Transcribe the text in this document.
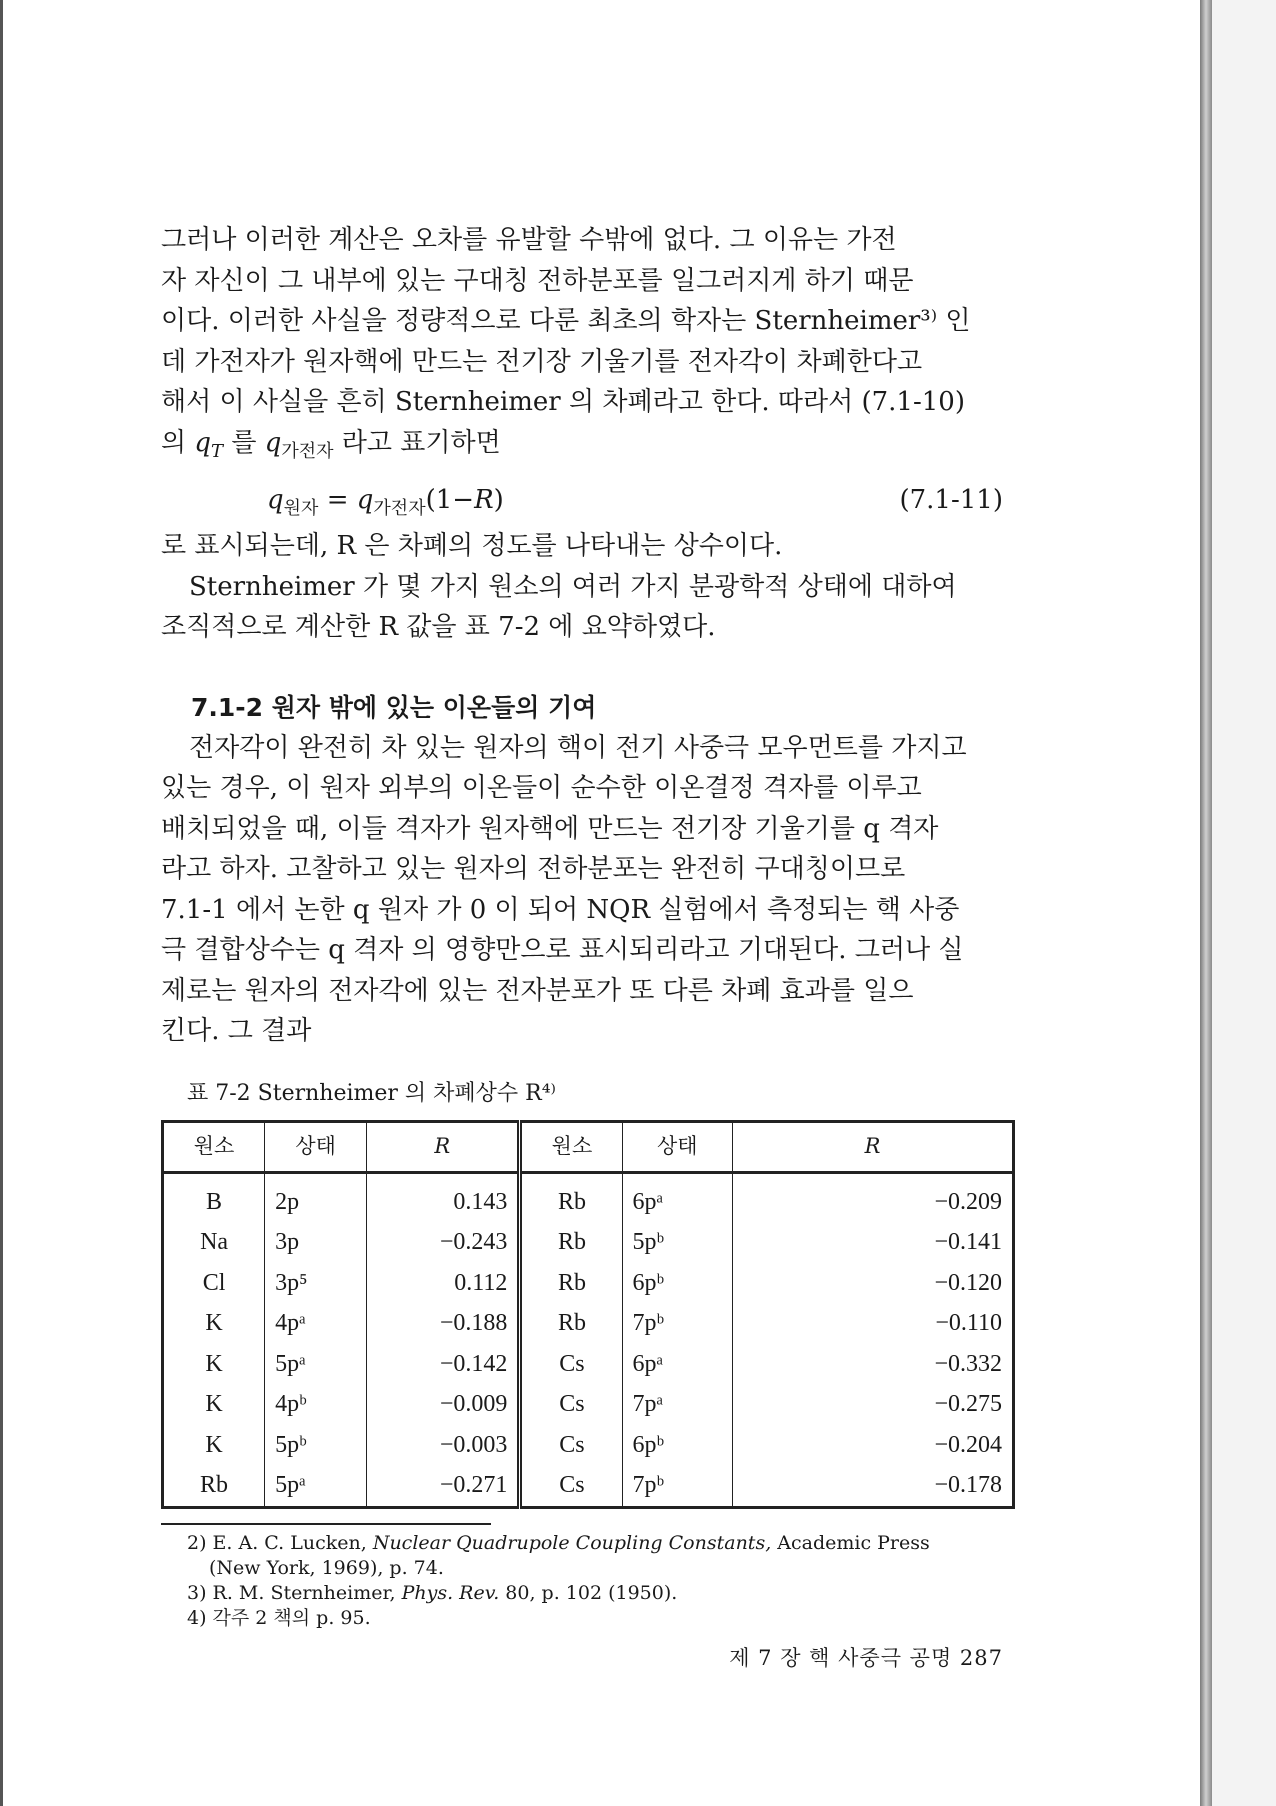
그러나 이러한 계산은 오차를 유발할 수밖에 없다. 그 이유는 가전

자 자신이 그 내부에 있는 구대칭 전하분포를 일그러지게 하기 때문

이다. 이러한 사실을 정량적으로 다룬 최초의 학자는 Sternheimer³⁾ 인

데 가전자가 원자핵에 만드는 전기장 기울기를 전자각이 차폐한다고

해서 이 사실을 흔히 Sternheimer 의 차폐라고 한다. 따라서 (7.1-10)

의 $q_T$ 를 $q_{가전자}$ 라고 표기하면

$q_{원자} = q_{가전자}(1-R)$	(7.1-11)

로 표시되는데, R 은 차폐의 정도를 나타내는 상수이다.

Sternheimer 가 몇 가지 원소의 여러 가지 분광학적 상태에 대하여

조직적으로 계산한 R 값을 표 7-2 에 요약하였다.

7.1-2 원자 밖에 있는 이온들의 기여

전자각이 완전히 차 있는 원자의 핵이 전기 사중극 모우먼트를 가지고

있는 경우, 이 원자 외부의 이온들이 순수한 이온결정 격자를 이루고

배치되었을 때, 이들 격자가 원자핵에 만드는 전기장 기울기를 q 격자

라고 하자. 고찰하고 있는 원자의 전하분포는 완전히 구대칭이므로

7.1-1 에서 논한 q 원자 가 0 이 되어 NQR 실험에서 측정되는 핵 사중

극 결합상수는 q 격자 의 영향만으로 표시되리라고 기대된다. 그러나 실

제로는 원자의 전자각에 있는 전자분포가 또 다른 차폐 효과를 일으

킨다. 그 결과

표 7-2 Sternheimer 의 차폐상수 R⁴⁾
원소	상태	R	원소	상태	R
B	2p	0.143	Rb	6pᵃ	−0.209
Na	3p	−0.243	Rb	5pᵇ	−0.141
Cl	3p⁵	0.112	Rb	6pᵇ	−0.120
K	4pᵃ	−0.188	Rb	7pᵇ	−0.110
K	5pᵃ	−0.142	Cs	6pᵃ	−0.332
K	4pᵇ	−0.009	Cs	7pᵃ	−0.275
K	5pᵇ	−0.003	Cs	6pᵇ	−0.204
Rb	5pᵃ	−0.271	Cs	7pᵇ	−0.178

2) E. A. C. Lucken, Nuclear Quadrupole Coupling Constants, Academic Press

(New York, 1969), p. 74.

3) R. M. Sternheimer, Phys. Rev. 80, p. 102 (1950).

4) 각주 2 책의 p. 95.

제 7 장 핵 사중극 공명 287
